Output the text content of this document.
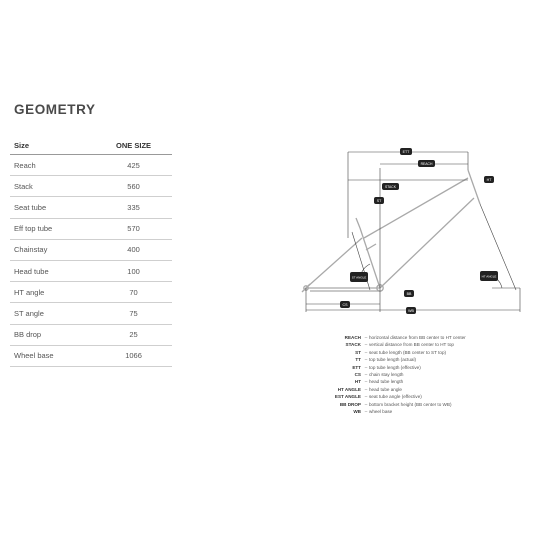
GEOMETRY
Size	ONE SIZE
Reach	425
Stack	560
Seat tube	335
Eff top tube	570
Chainstay	400
Head tube	100
HT angle	70
ST angle	75
BB drop	25
Wheel base	1066
ETT
REACH
STACK
ST
HT
ST ANGLE	HT ANGLE
CS
BB
WB
REACH – horizontal distance from BB center to HT center
STACK – vertical distance from BB center to HT top
ST – seat tube length (BB center to ST top)
TT – top tube length (actual)
ETT – top tube length (effective)
CS – chain stay length
HT – head tube length
HT ANGLE – head tube angle
EST ANGLE – seat tube angle (effective)
BB DROP – bottom bracket height (BB center to WB)
WB – wheel base
